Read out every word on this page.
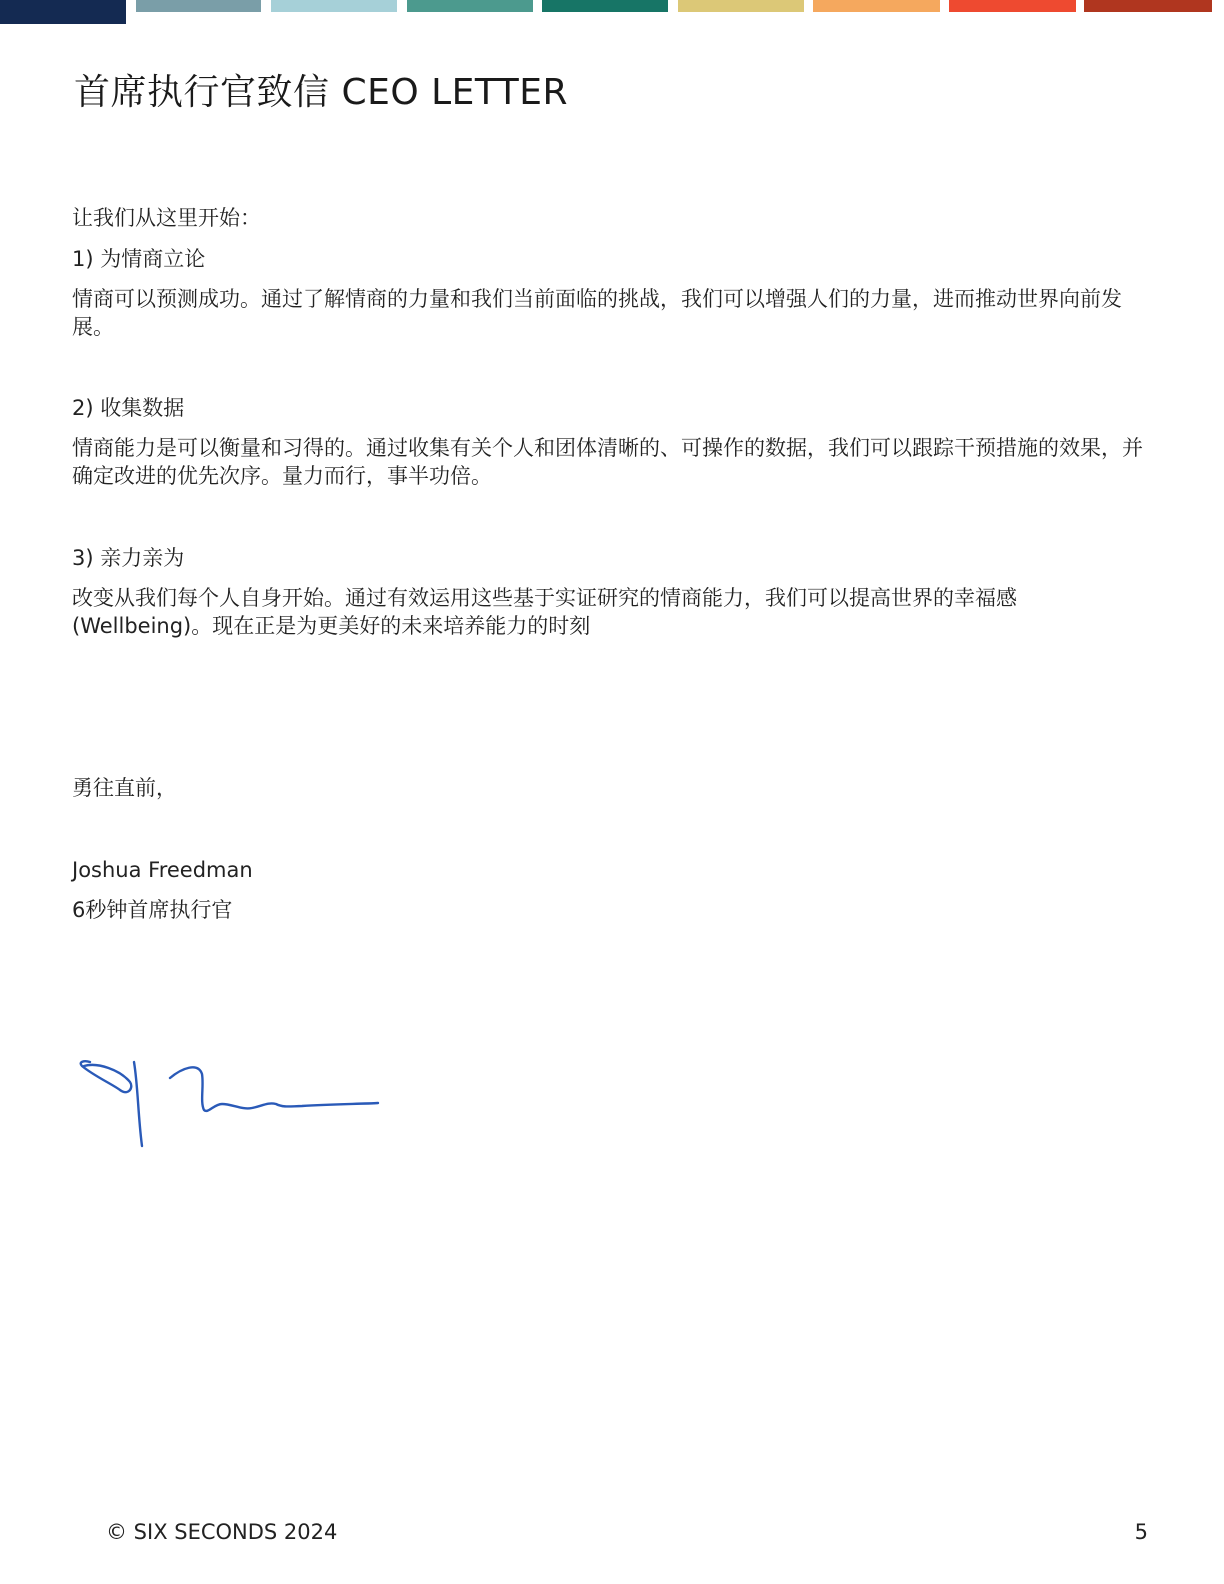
首席执行官致信 CEO LETTER

让我们从这里开始：

1) 为情商立论

情商可以预测成功。通过了解情商的力量和我们当前面临的挑战，我们可以增强人们的力量，进而推动世界向前发展。

2) 收集数据

情商能力是可以衡量和习得的。通过收集有关个人和团体清晰的、可操作的数据，我们可以跟踪干预措施的效果，并确定改进的优先次序。量力而行，事半功倍。

3) 亲力亲为

改变从我们每个人自身开始。通过有效运用这些基于实证研究的情商能力，我们可以提高世界的幸福感(Wellbeing)。现在正是为更美好的未来培养能力的时刻

勇往直前，

Joshua Freedman

6秒钟首席执行官

© SIX SECONDS 2024	5
